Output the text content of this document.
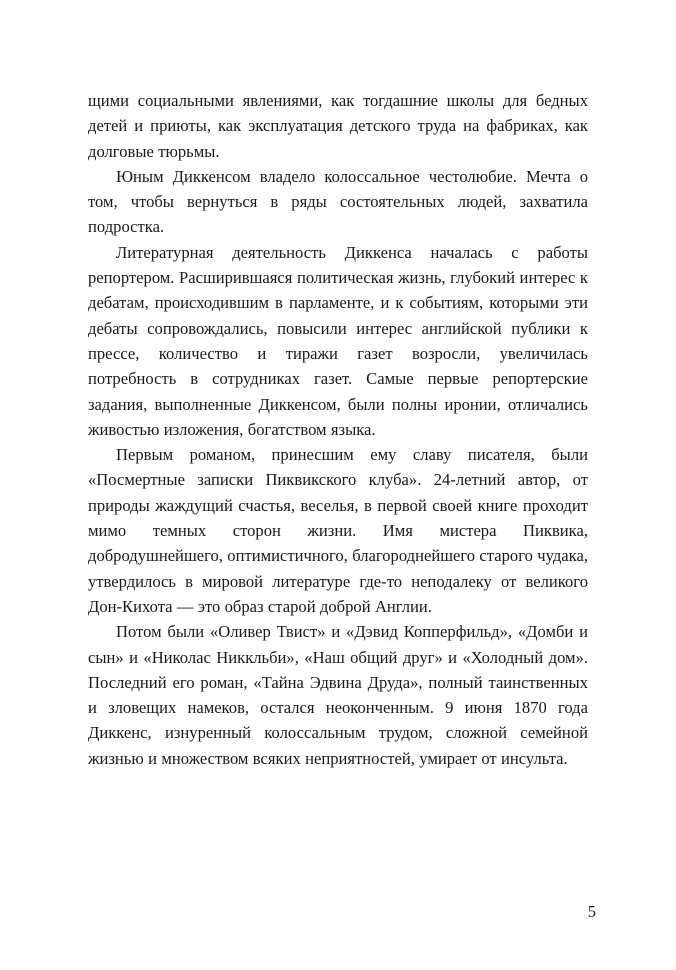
щими социальными явлениями, как тогдашние школы для бедных детей и приюты, как эксплуатация детского труда на фабриках, как долговые тюрьмы.

Юным Диккенсом владело колоссальное честолюбие. Мечта о том, чтобы вернуться в ряды состоятельных людей, захватила подростка.

Литературная деятельность Диккенса началась с работы репортером. Расширившаяся политическая жизнь, глубокий интерес к дебатам, происходившим в парламенте, и к событиям, которыми эти дебаты сопровождались, повысили интерес английской публики к прессе, количество и тиражи газет возросли, увеличилась потребность в сотрудниках газет. Самые первые репортерские задания, выполненные Диккенсом, были полны иронии, отличались живостью изложения, богатством языка.

Первым романом, принесшим ему славу писателя, были «Посмертные записки Пиквикского клуба». 24-летний автор, от природы жаждущий счастья, веселья, в первой своей книге проходит мимо темных сторон жизни. Имя мистера Пиквика, добродушнейшего, оптимистичного, благороднейшего старого чудака, утвердилось в мировой литературе где-то неподалеку от великого Дон-Кихота — это образ старой доброй Англии.

Потом были «Оливер Твист» и «Дэвид Копперфильд», «Домби и сын» и «Николас Никкльби», «Наш общий друг» и «Холодный дом». Последний его роман, «Тайна Эдвина Друда», полный таинственных и зловещих намеков, остался неоконченным. 9 июня 1870 года Диккенс, изнуренный колоссальным трудом, сложной семейной жизнью и множеством всяких неприятностей, умирает от инсульта.

5
